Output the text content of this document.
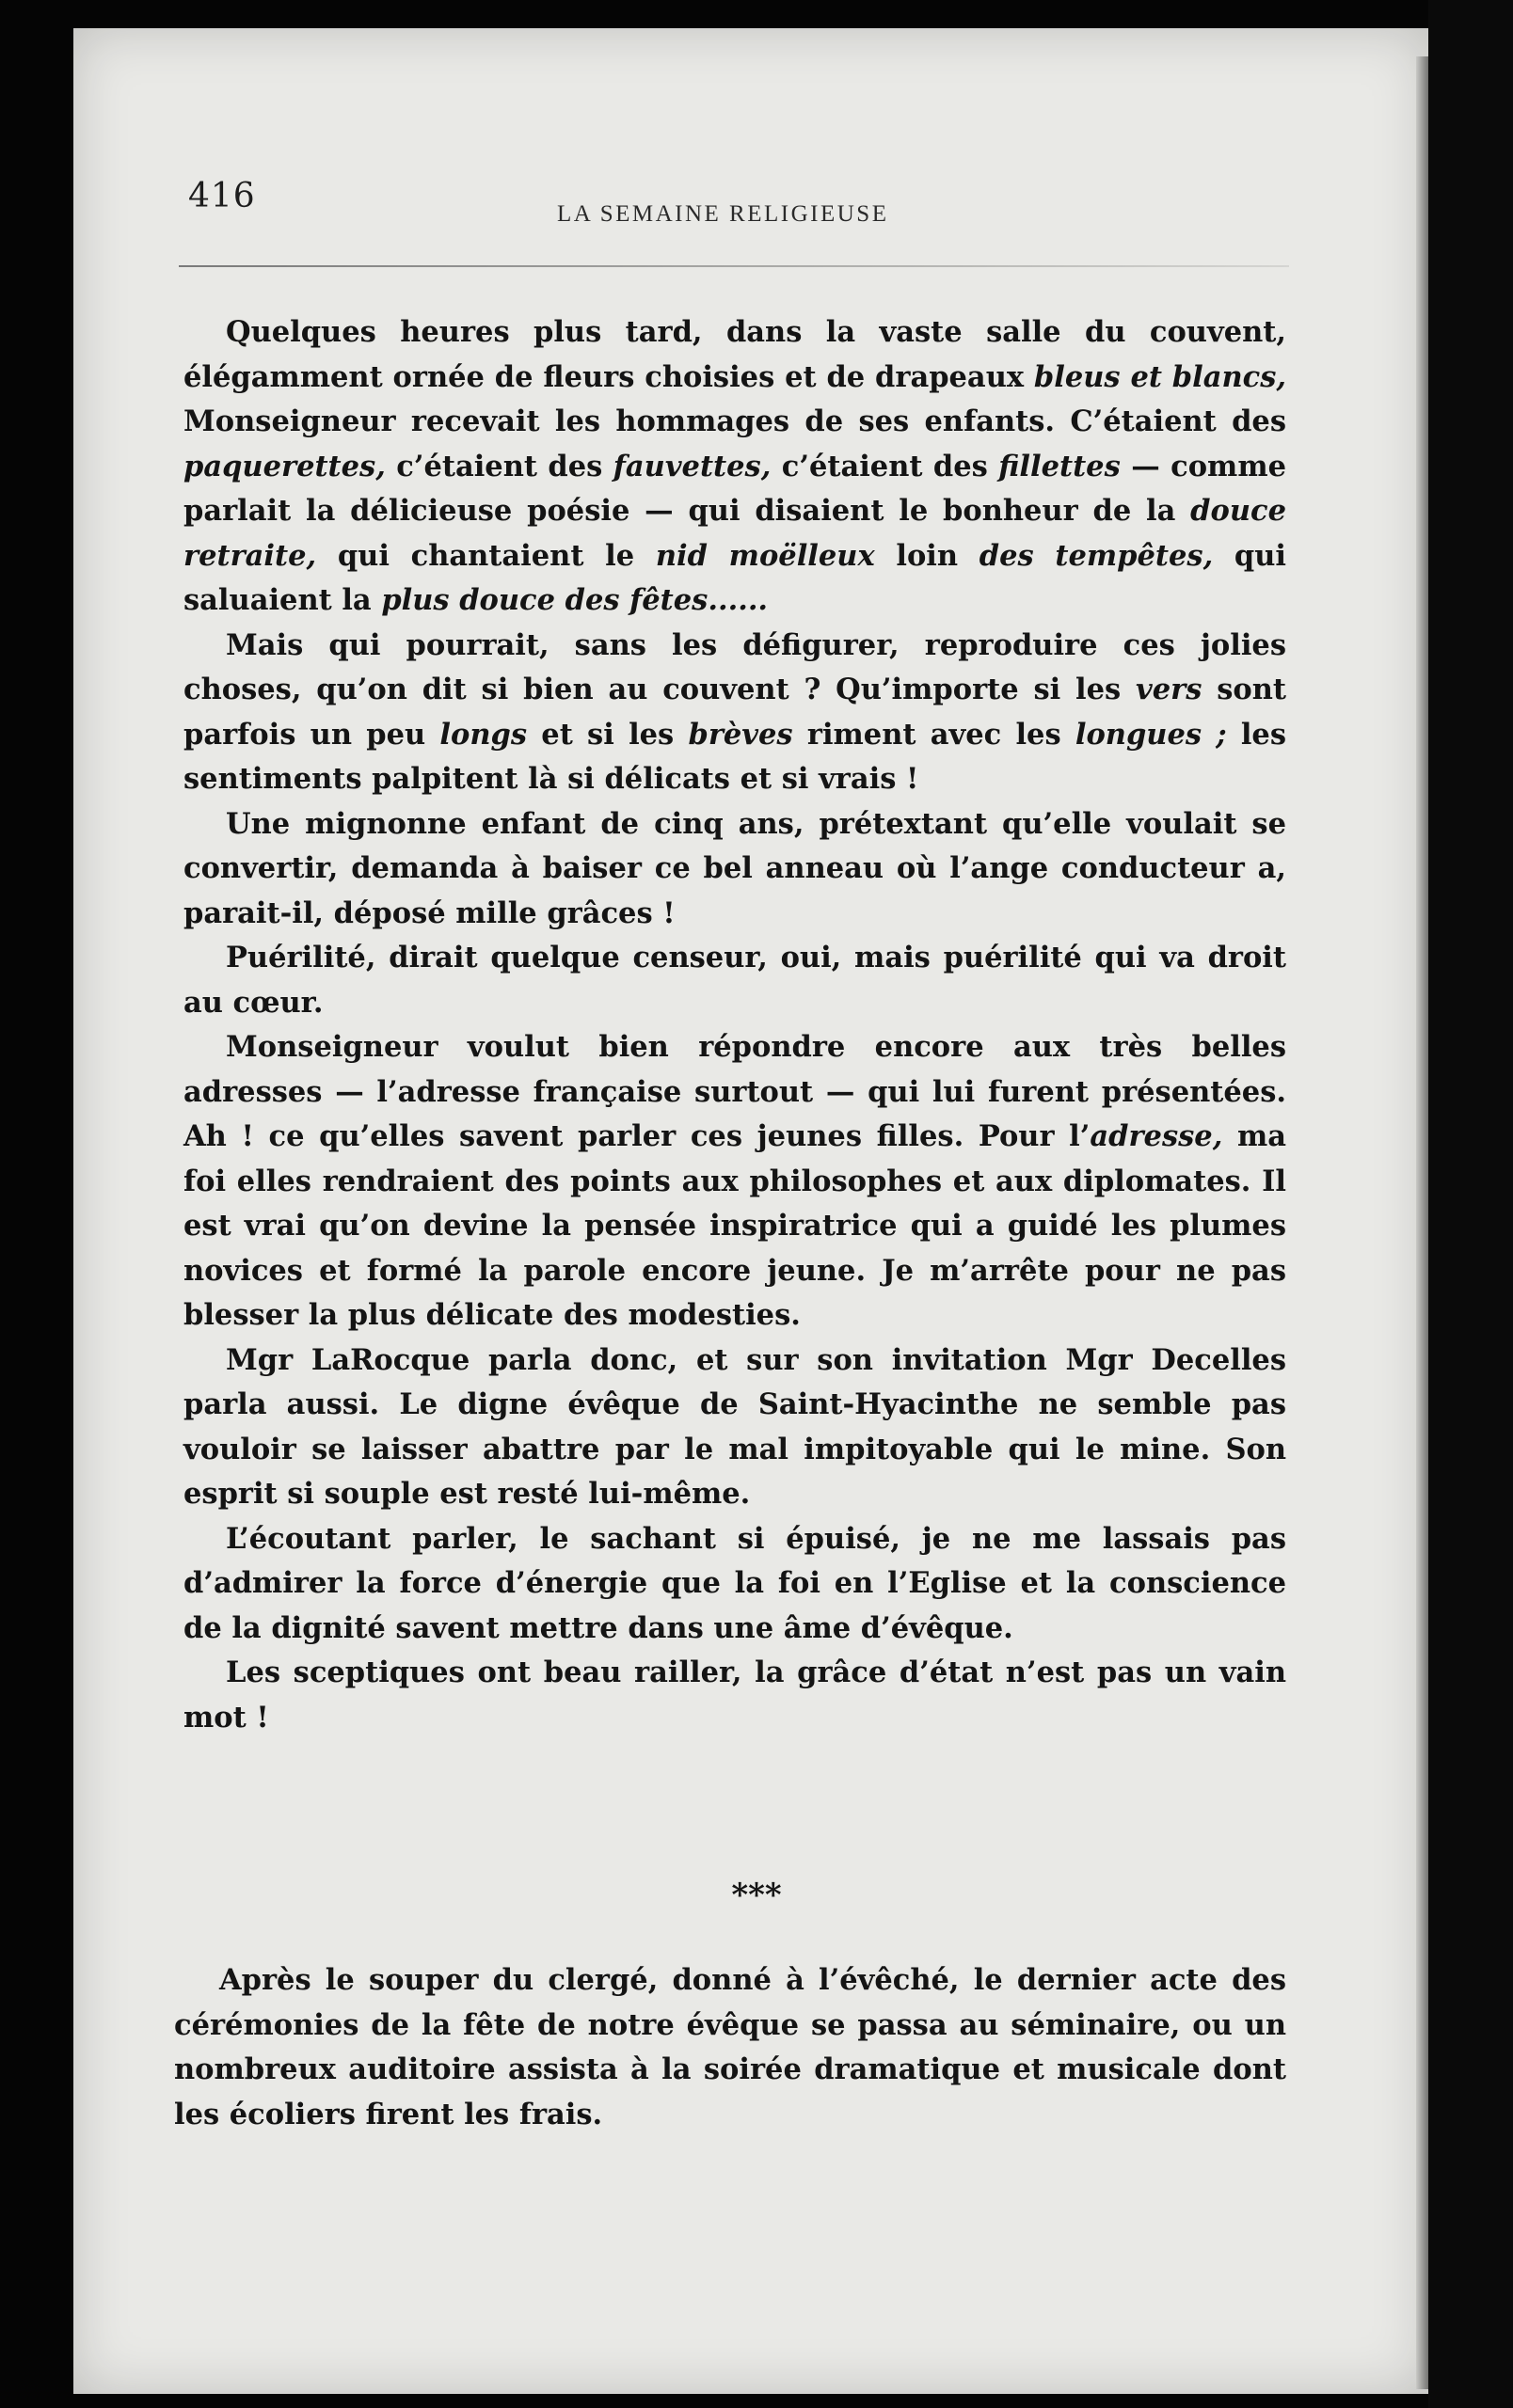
416	LA SEMAINE RELIGIEUSE

Quelques heures plus tard, dans la vaste salle du couvent, élégamment ornée de fleurs choisies et de drapeaux bleus et blancs, Monseigneur recevait les hommages de ses enfants. C’étaient des paquerettes, c’étaient des fauvettes, c’étaient des fillettes — comme parlait la délicieuse poésie — qui disaient le bonheur de la douce retraite, qui chantaient le nid moëlleux loin des tempêtes, qui saluaient la plus douce des fêtes......

Mais qui pourrait, sans les défigurer, reproduire ces jolies choses, qu’on dit si bien au couvent ? Qu’importe si les vers sont parfois un peu longs et si les brèves riment avec les longues ; les sentiments palpitent là si délicats et si vrais !

Une mignonne enfant de cinq ans, prétextant qu’elle voulait se convertir, demanda à baiser ce bel anneau où l’ange conducteur a, parait-il, déposé mille grâces !

Puérilité, dirait quelque censeur, oui, mais puérilité qui va droit au cœur.

Monseigneur voulut bien répondre encore aux très belles adresses — l’adresse française surtout — qui lui furent présentées. Ah ! ce qu’elles savent parler ces jeunes filles. Pour l’adresse, ma foi elles rendraient des points aux philosophes et aux diplomates. Il est vrai qu’on devine la pensée inspiratrice qui a guidé les plumes novices et formé la parole encore jeune. Je m’arrête pour ne pas blesser la plus délicate des modesties.

Mgr LaRocque parla donc, et sur son invitation Mgr Decelles parla aussi. Le digne évêque de Saint-Hyacinthe ne semble pas vouloir se laisser abattre par le mal impitoyable qui le mine. Son esprit si souple est resté lui-même.

L’écoutant parler, le sachant si épuisé, je ne me lassais pas d’admirer la force d’énergie que la foi en l’Eglise et la conscience de la dignité savent mettre dans une âme d’évêque.

Les sceptiques ont beau railler, la grâce d’état n’est pas un vain mot !

***

Après le souper du clergé, donné à l’évêché, le dernier acte des cérémonies de la fête de notre évêque se passa au séminaire, ou un nombreux auditoire assista à la soirée dramatique et musicale dont les écoliers firent les frais.
